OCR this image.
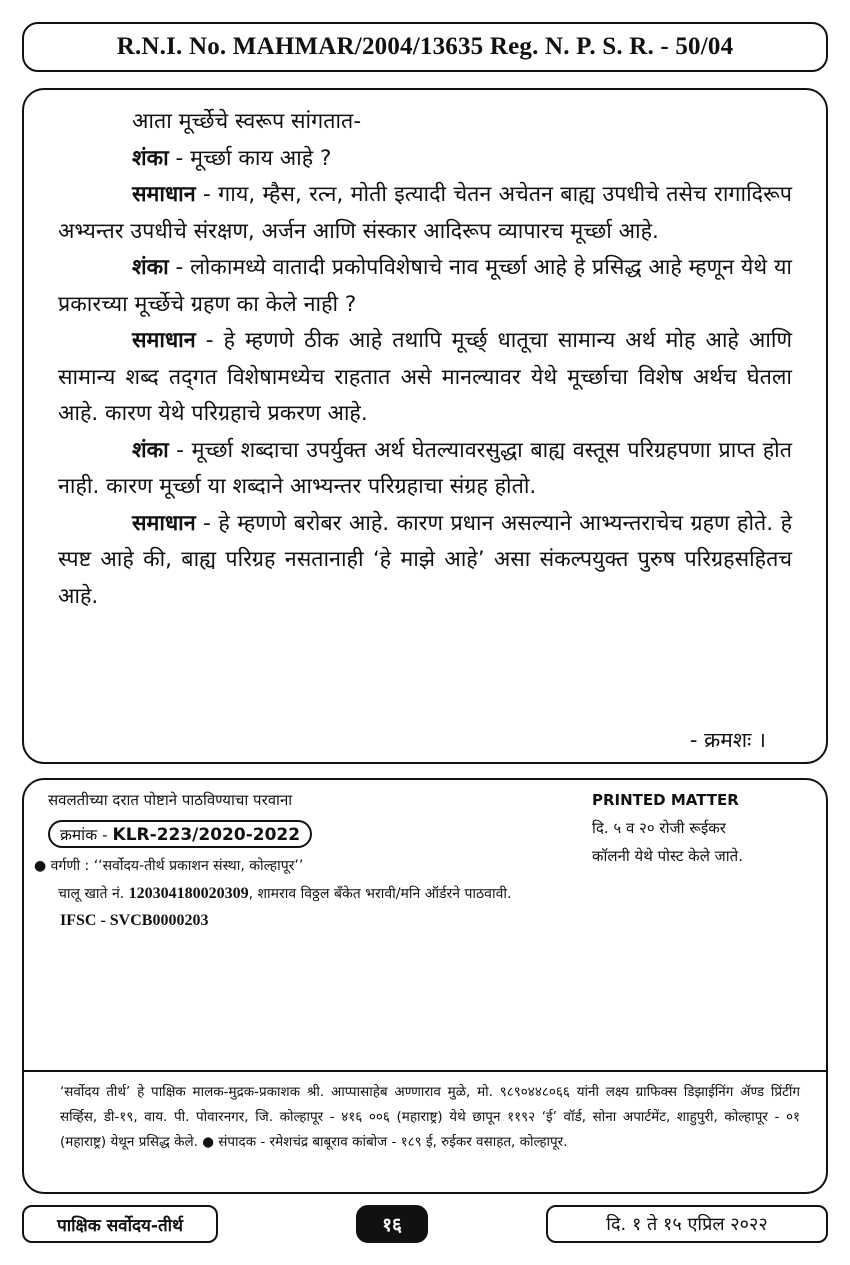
R.N.I. No. MAHMAR/2004/13635 Reg. N. P. S. R. - 50/04

आता मूर्च्छेचे स्वरूप सांगतात-

शंका - मूर्च्छा काय आहे ?

समाधान - गाय, म्हैस, रत्न, मोती इत्यादी चेतन अचेतन बाह्य उपधीचे तसेच रागादिरूप अभ्यन्तर उपधीचे संरक्षण, अर्जन आणि संस्कार आदिरूप व्यापारच मूर्च्छा आहे.

शंका - लोकामध्ये वातादी प्रकोपविशेषाचे नाव मूर्च्छा आहे हे प्रसिद्ध आहे म्हणून येथे या प्रकारच्या मूर्च्छेचे ग्रहण का केले नाही ?

समाधान - हे म्हणणे ठीक आहे तथापि मूर्च्छ् धातूचा सामान्य अर्थ मोह आहे आणि सामान्य शब्द तद्‌गत विशेषामध्येच राहतात असे मानल्यावर येथे मूर्च्छाचा विशेष अर्थच घेतला आहे. कारण येथे परिग्रहाचे प्रकरण आहे.

शंका - मूर्च्छा शब्दाचा उपर्युक्त अर्थ घेतल्यावरसुद्धा बाह्य वस्तूस परिग्रहपणा प्राप्त होत नाही. कारण मूर्च्छा या शब्दाने आभ्यन्तर परिग्रहाचा संग्रह होतो.

समाधान - हे म्हणणे बरोबर आहे. कारण प्रधान असल्याने आभ्यन्तराचेच ग्रहण होते. हे स्पष्ट आहे की, बाह्य परिग्रह नसतानाही ‘हे माझे आहे’ असा संकल्पयुक्त पुरुष परिग्रहसहितच आहे.

- क्रमशः ।
सवलतीच्या दरात पोष्टाने पाठविण्याचा परवाना
क्रमांक - KLR-223/2020-2022
● वर्गणी : ‘‘सर्वोदय-तीर्थ प्रकाशन संस्था, कोल्हापूर’’
चालू खाते नं. 120304180020309, शामराव विठ्ठल बँकेत भरावी/मनि ऑर्डरने पाठवावी.
IFSC - SVCB0000203
PRINTED MATTER
दि. ५ व २० रोजी रूईकर
कॉलनी येथे पोस्ट केले जाते.
‘सर्वोदय तीर्थ’ हे पाक्षिक मालक-मुद्रक-प्रकाशक श्री. आप्पासाहेब अण्णाराव मुळे, मो. ९८९०४४८०६६ यांनी लक्ष्य ग्राफिक्स डिझाईनिंग ॲण्ड प्रिंटींग सर्व्हिस, डी-१९, वाय. पी. पोवारनगर, जि. कोल्हापूर - ४१६ ००६ (महाराष्ट्र) येथे छापून ११९२ ‘ई’ वॉर्ड, सोना अपार्टमेंट, शाहुपुरी, कोल्हापूर - ०१ (महाराष्ट्र) येथून प्रसिद्ध केले. ● संपादक - रमेशचंद्र बाबूराव कांबोज - १८९ ई, रुईकर वसाहत, कोल्हापूर.
पाक्षिक सर्वोदय-तीर्थ	१६	दि. १ ते १५ एप्रिल २०२२
